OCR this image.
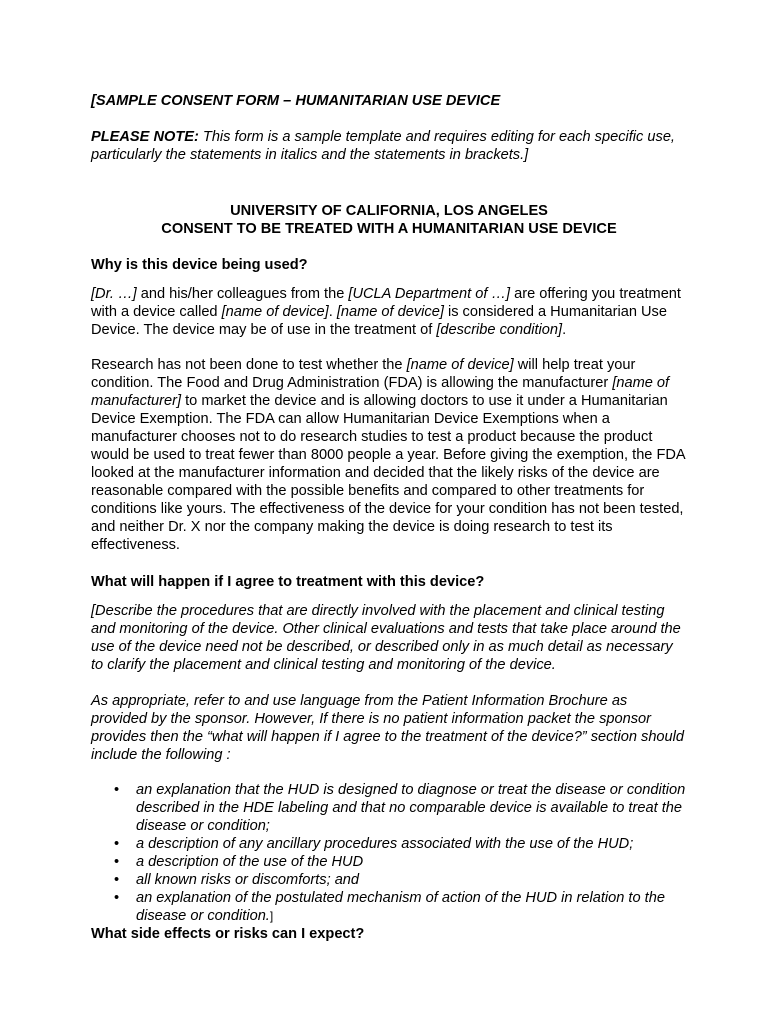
[SAMPLE CONSENT FORM – HUMANITARIAN USE DEVICE

PLEASE NOTE: This form is a sample template and requires editing for each specific use, particularly the statements in italics and the statements in brackets.]

UNIVERSITY OF CALIFORNIA, LOS ANGELES

CONSENT TO BE TREATED WITH A HUMANITARIAN USE DEVICE

Why is this device being used?

[Dr. …] and his/her colleagues from the [UCLA Department of …] are offering you treatment with a device called [name of device]. [name of device] is considered a Humanitarian Use Device. The device may be of use in the treatment of [describe condition].

Research has not been done to test whether the [name of device] will help treat your condition. The Food and Drug Administration (FDA) is allowing the manufacturer [name of manufacturer] to market the device and is allowing doctors to use it under a Humanitarian Device Exemption. The FDA can allow Humanitarian Device Exemptions when a manufacturer chooses not to do research studies to test a product because the product would be used to treat fewer than 8000 people a year. Before giving the exemption, the FDA looked at the manufacturer information and decided that the likely risks of the device are reasonable compared with the possible benefits and compared to other treatments for conditions like yours. The effectiveness of the device for your condition has not been tested, and neither Dr. X nor the company making the device is doing research to test its effectiveness.

What will happen if I agree to treatment with this device?

[Describe the procedures that are directly involved with the placement and clinical testing and monitoring of the device. Other clinical evaluations and tests that take place around the use of the device need not be described, or described only in as much detail as necessary to clarify the placement and clinical testing and monitoring of the device.

As appropriate, refer to and use language from the Patient Information Brochure as provided by the sponsor. However, If there is no patient information packet the sponsor provides then the “what will happen if I agree to the treatment of the device?” section should include the following :

• an explanation that the HUD is designed to diagnose or treat the disease or condition described in the HDE labeling and that no comparable device is available to treat the disease or condition;
• a description of any ancillary procedures associated with the use of the HUD;
• a description of the use of the HUD
• all known risks or discomforts; and
• an explanation of the postulated mechanism of action of the HUD in relation to the disease or condition.]

What side effects or risks can I expect?
